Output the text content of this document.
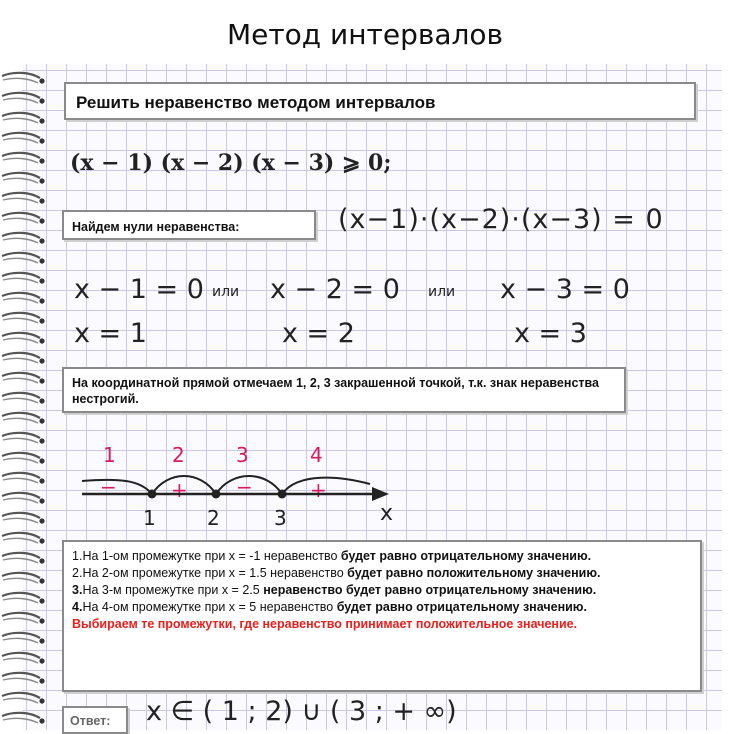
Метод интервалов
Решить неравенство методом интервалов
(x − 1) (x − 2) (x − 3) ⩾ 0;
Найдем нули неравенства:	(x−1)·(x−2)·(x−3) = 0
x − 1 = 0 или x − 2 = 0 или x − 3 = 0
x = 1	x = 2	x = 3
На координатной прямой отмечаем 1, 2, 3 закрашенной точкой, т.к. знак неравенства нестрогий.
1	2	3	4
−	+ −	+
1	2	3	x

1.На 1-ом промежутке при x = -1 неравенство будет равно отрицательному значению.

2.На 2-ом промежутке при x = 1.5 неравенство будет равно положительному значению.

3.На 3-м промежутке при x = 2.5 неравенство будет равно отрицательному значению.

4.На 4-ом промежутке при x = 5 неравенство будет равно отрицательному значению.

Выбираем те промежутки, где неравенство принимает положительное значение.

Ответ:	x ∈ ( 1 ; 2) ∪ ( 3 ; + ∞)
